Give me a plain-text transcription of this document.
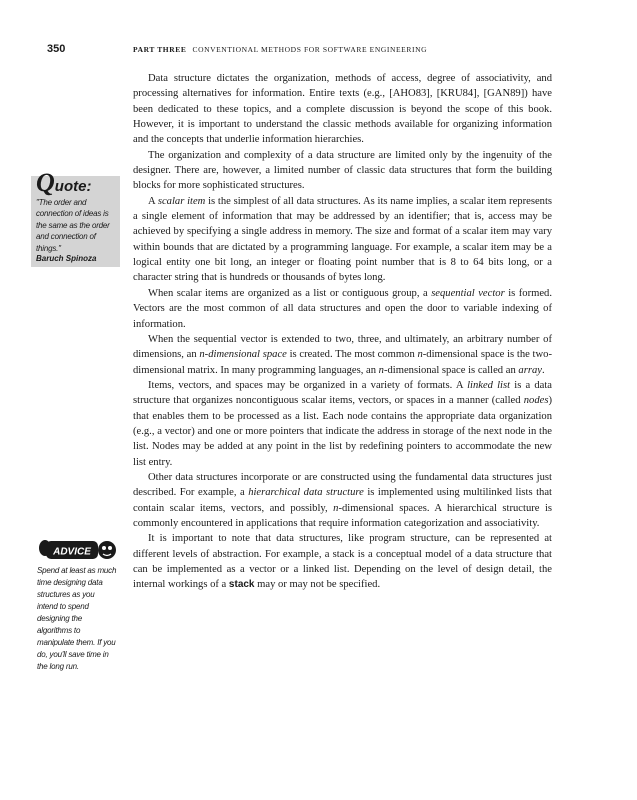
350	PART THREE CONVENTIONAL METHODS FOR SOFTWARE ENGINEERING
Quote:
"The order and connection of ideas is the same as the order and connection of things."
Baruch Spinoza
ADVICE
Spend at least as much time designing data structures as you intend to spend designing the algorithms to manipulate them. If you do, you'll save time in the long run.

Data structure dictates the organization, methods of access, degree of associativity, and processing alternatives for information. Entire texts (e.g., [AHO83], [KRU84], [GAN89]) have been dedicated to these topics, and a complete discussion is beyond the scope of this book. However, it is important to understand the classic methods available for organizing information and the concepts that underlie information hierarchies.

The organization and complexity of a data structure are limited only by the ingenuity of the designer. There are, however, a limited number of classic data structures that form the building blocks for more sophisticated structures.

A scalar item is the simplest of all data structures. As its name implies, a scalar item represents a single element of information that may be addressed by an identifier; that is, access may be achieved by specifying a single address in memory. The size and format of a scalar item may vary within bounds that are dictated by a programming language. For example, a scalar item may be a logical entity one bit long, an integer or floating point number that is 8 to 64 bits long, or a character string that is hundreds or thousands of bytes long.

When scalar items are organized as a list or contiguous group, a sequential vector is formed. Vectors are the most common of all data structures and open the door to variable indexing of information.

When the sequential vector is extended to two, three, and ultimately, an arbitrary number of dimensions, an n-dimensional space is created. The most common n-dimensional space is the two-dimensional matrix. In many programming languages, an n-dimensional space is called an array.

Items, vectors, and spaces may be organized in a variety of formats. A linked list is a data structure that organizes noncontiguous scalar items, vectors, or spaces in a manner (called nodes) that enables them to be processed as a list. Each node contains the appropriate data organization (e.g., a vector) and one or more pointers that indicate the address in storage of the next node in the list. Nodes may be added at any point in the list by redefining pointers to accommodate the new list entry.

Other data structures incorporate or are constructed using the fundamental data structures just described. For example, a hierarchical data structure is implemented using multilinked lists that contain scalar items, vectors, and possibly, n-dimensional spaces. A hierarchical structure is commonly encountered in applications that require information categorization and associativity.

It is important to note that data structures, like program structure, can be represented at different levels of abstraction. For example, a stack is a conceptual model of a data structure that can be implemented as a vector or a linked list. Depending on the level of design detail, the internal workings of a stack may or may not be specified.
